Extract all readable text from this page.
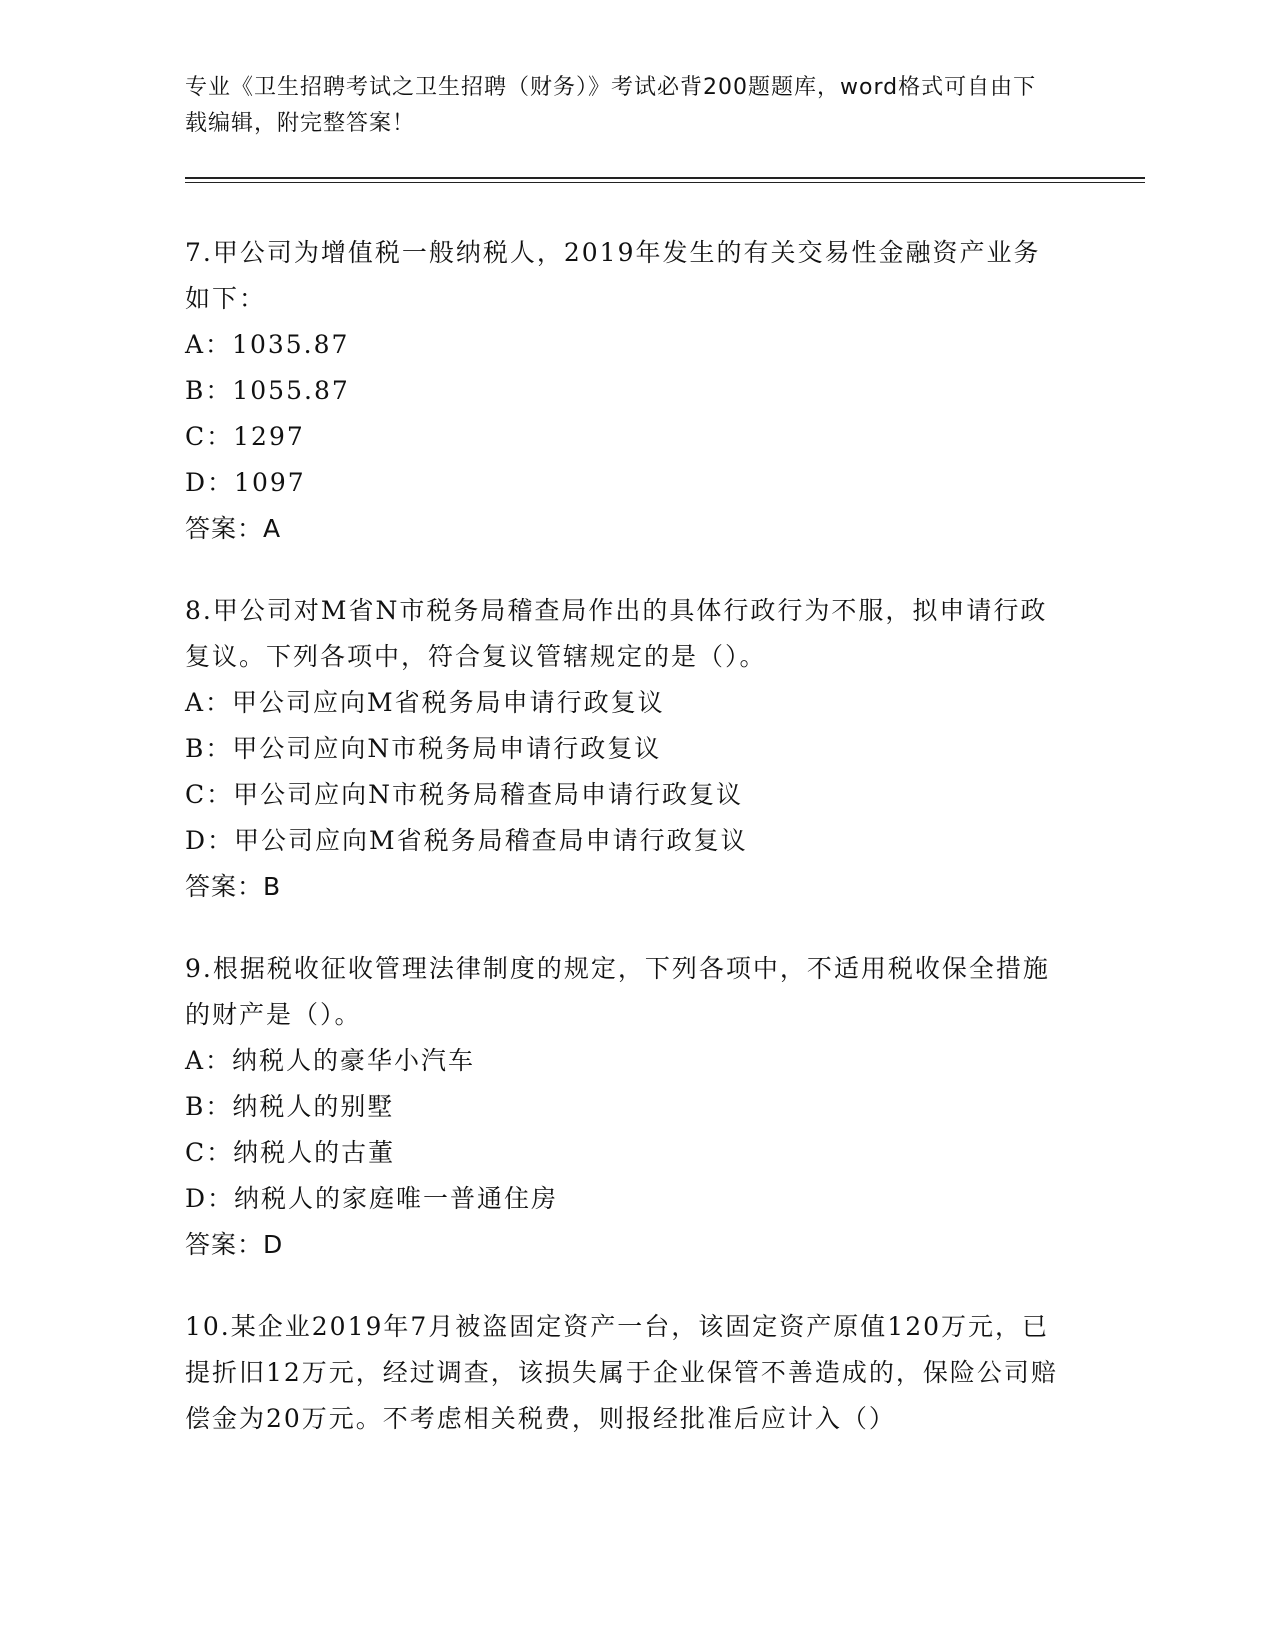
专业《卫生招聘考试之卫生招聘（财务）》考试必背200题题库，word格式可自由下载编辑，附完整答案！
7.甲公司为增值税一般纳税人，2019年发生的有关交易性金融资产业务如下：
A：1035.87
B：1055.87
C：1297
D：1097
答案：A
8.甲公司对M省N市税务局稽查局作出的具体行政行为不服，拟申请行政复议。下列各项中，符合复议管辖规定的是（）。
A：甲公司应向M省税务局申请行政复议
B：甲公司应向N市税务局申请行政复议
C：甲公司应向N市税务局稽查局申请行政复议
D：甲公司应向M省税务局稽查局申请行政复议
答案：B
9.根据税收征收管理法律制度的规定，下列各项中，不适用税收保全措施的财产是（）。
A：纳税人的豪华小汽车
B：纳税人的别墅
C：纳税人的古董
D：纳税人的家庭唯一普通住房
答案：D
10.某企业2019年7月被盗固定资产一台，该固定资产原值120万元，已提折旧12万元，经过调查，该损失属于企业保管不善造成的，保险公司赔偿金为20万元。不考虑相关税费，则报经批准后应计入（）
